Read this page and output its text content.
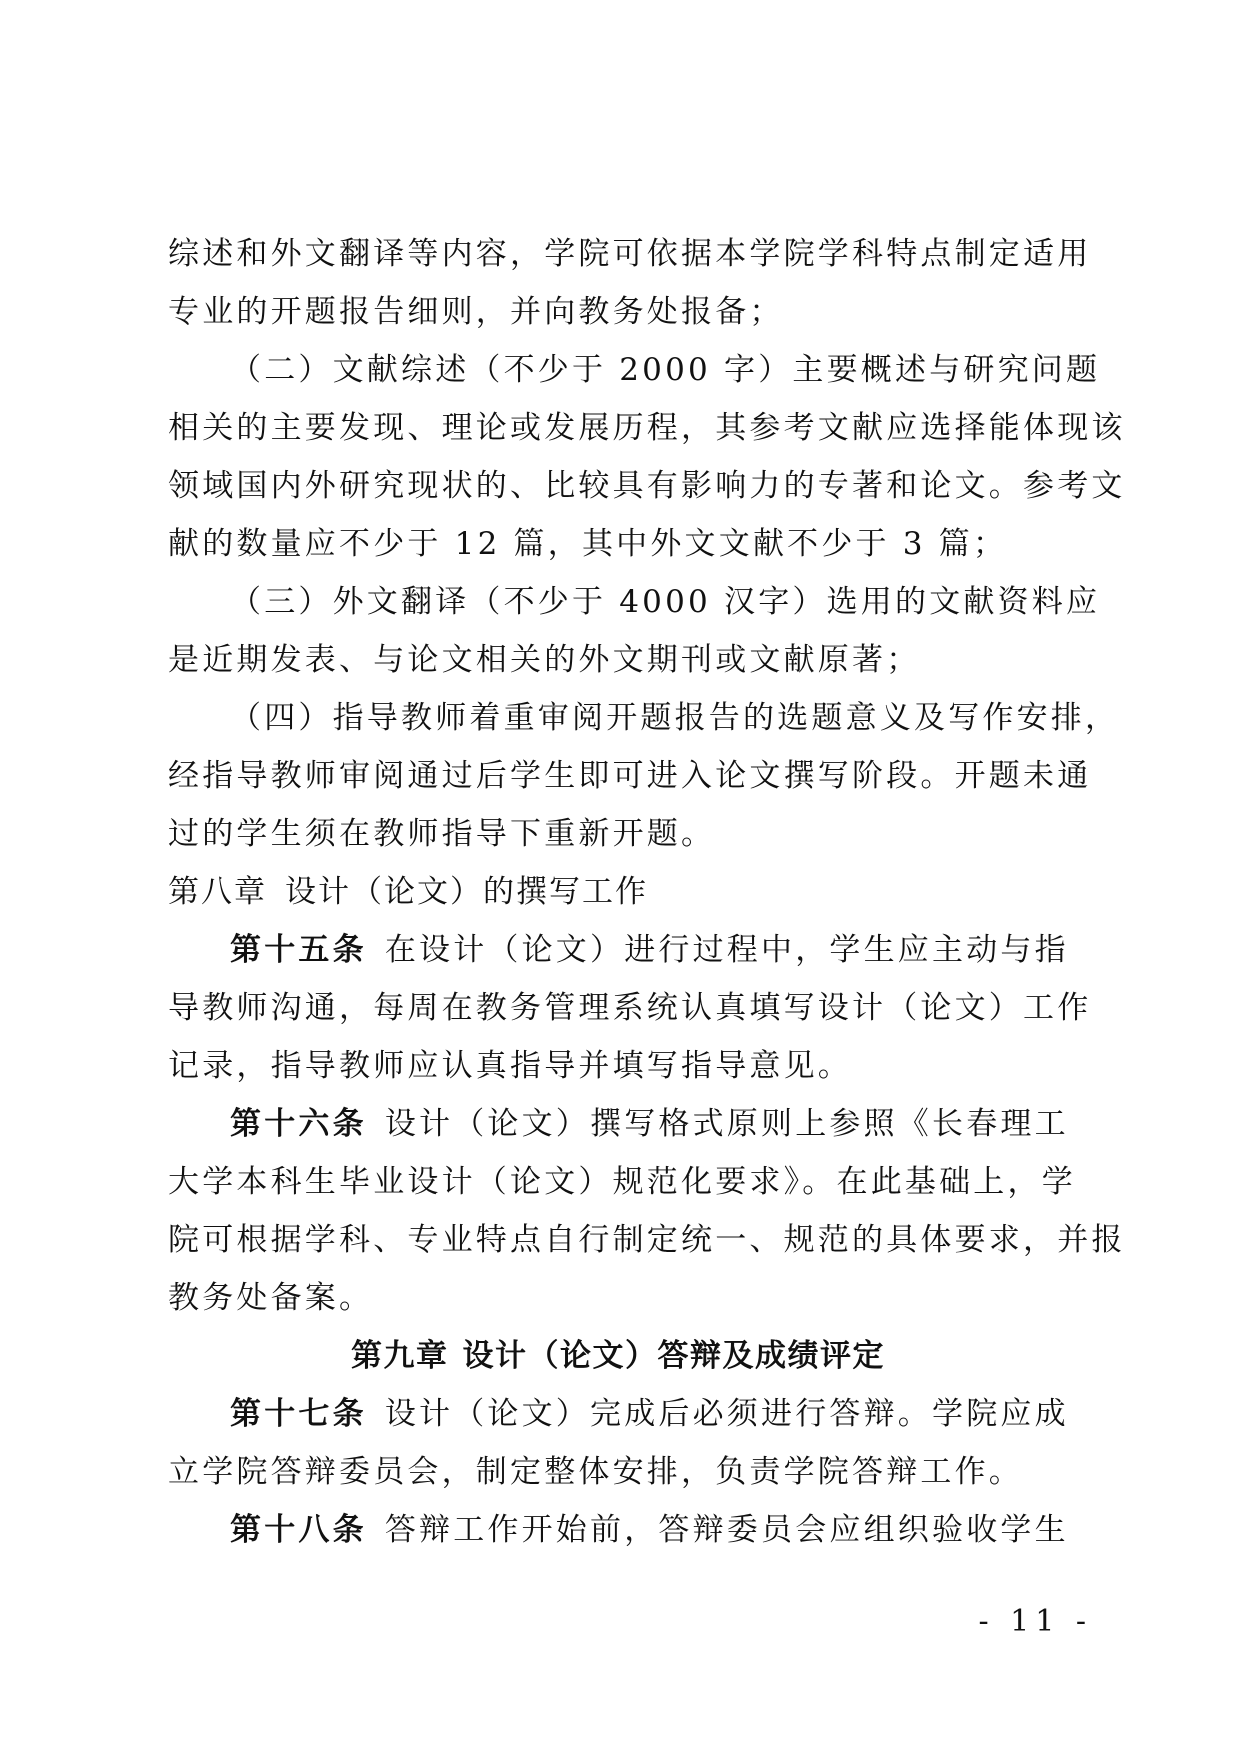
综述和外文翻译等内容，学院可依据本学院学科特点制定适用
专业的开题报告细则，并向教务处报备；
（二）文献综述（不少于 2000 字）主要概述与研究问题
相关的主要发现、理论或发展历程，其参考文献应选择能体现该
领域国内外研究现状的、比较具有影响力的专著和论文。参考文
献的数量应不少于 12 篇，其中外文文献不少于 3 篇；
（三）外文翻译（不少于 4000 汉字）选用的文献资料应
是近期发表、与论文相关的外文期刊或文献原著；
（四）指导教师着重审阅开题报告的选题意义及写作安排，
经指导教师审阅通过后学生即可进入论文撰写阶段。开题未通
过的学生须在教师指导下重新开题。
第八章 设计（论文）的撰写工作
第十五条 在设计（论文）进行过程中，学生应主动与指
导教师沟通，每周在教务管理系统认真填写设计（论文）工作
记录，指导教师应认真指导并填写指导意见。
第十六条 设计（论文）撰写格式原则上参照《长春理工
大学本科生毕业设计（论文）规范化要求》。在此基础上，学
院可根据学科、专业特点自行制定统一、规范的具体要求，并报
教务处备案。
第九章 设计（论文）答辩及成绩评定
第十七条 设计（论文）完成后必须进行答辩。学院应成
立学院答辩委员会，制定整体安排，负责学院答辩工作。
第十八条 答辩工作开始前，答辩委员会应组织验收学生
- 11 -
